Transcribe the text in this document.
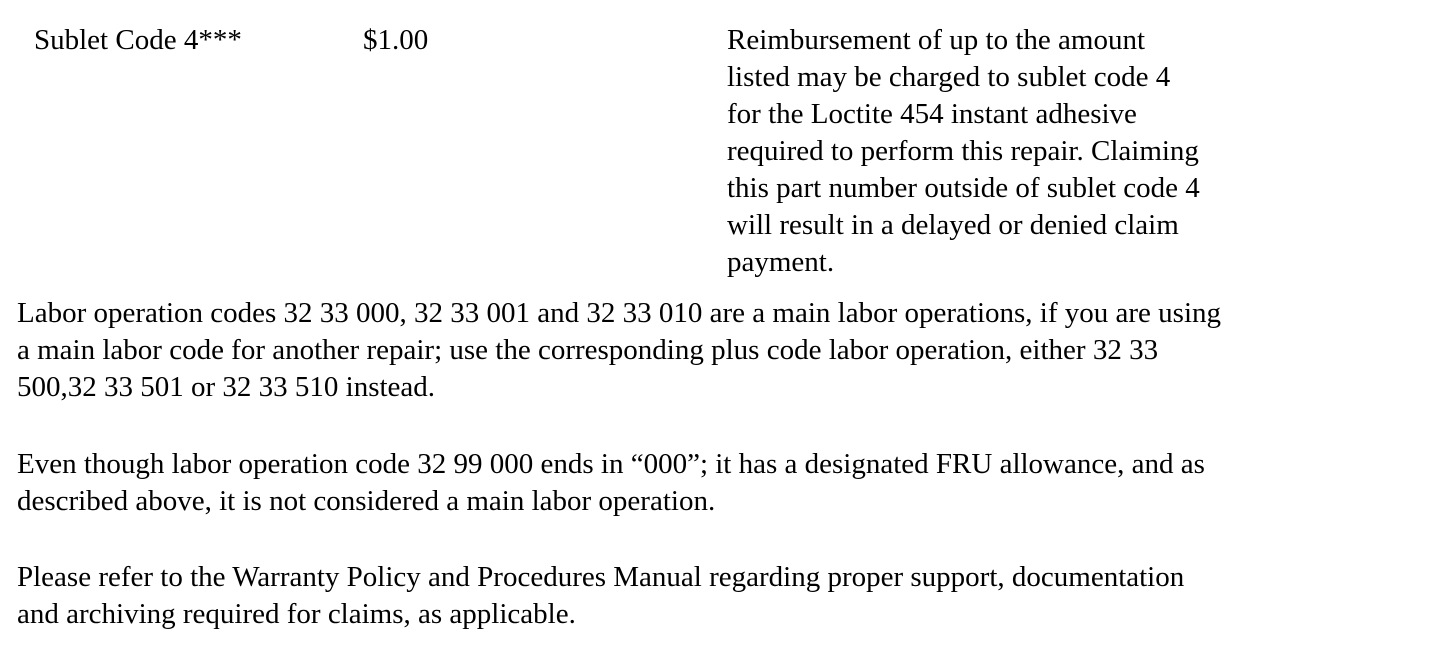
Sublet Code 4***	$1.00	Reimbursement of up to the amount
listed may be charged to sublet code 4
for the Loctite 454 instant adhesive
required to perform this repair. Claiming
this part number outside of sublet code 4
will result in a delayed or denied claim
payment.
Labor operation codes 32 33 000, 32 33 001 and 32 33 010 are a main labor operations, if you are using
a main labor code for another repair; use the corresponding plus code labor operation, either 32 33
500,32 33 501 or 32 33 510 instead.
Even though labor operation code 32 99 000 ends in “000”; it has a designated FRU allowance, and as
described above, it is not considered a main labor operation.
Please refer to the Warranty Policy and Procedures Manual regarding proper support, documentation
and archiving required for claims, as applicable.
